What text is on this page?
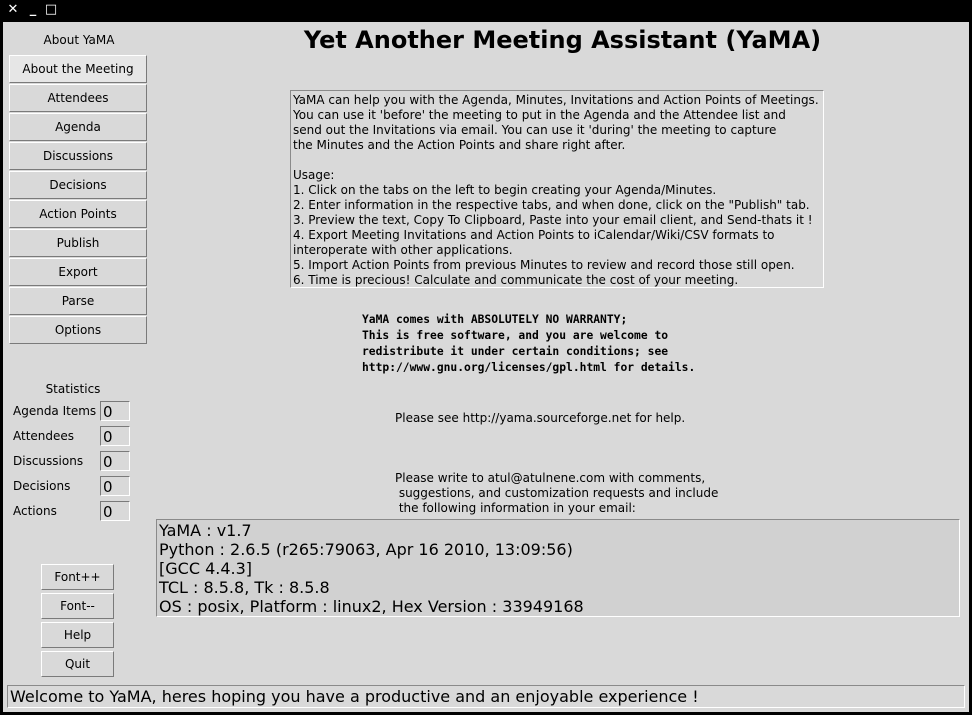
✕ _ □
About YaMA
About the Meeting
Attendees
Agenda
Discussions
Decisions
Action Points
Publish
Export
Parse
Options
Statistics
Agenda Items 0
Attendees 0
Discussions 0
Decisions 0
Actions	0
Font++
Font--
Help
Quit
Yet Another Meeting Assistant (YaMA)
YaMA can help you with the Agenda, Minutes, Invitations and Action Points of Meetings.
You can use it 'before' the meeting to put in the Agenda and the Attendee list and
send out the Invitations via email. You can use it 'during' the meeting to capture
the Minutes and the Action Points and share right after.

Usage:
1. Click on the tabs on the left to begin creating your Agenda/Minutes.
2. Enter information in the respective tabs, and when done, click on the "Publish" tab.
3. Preview the text, Copy To Clipboard, Paste into your email client, and Send-thats it !
4. Export Meeting Invitations and Action Points to iCalendar/Wiki/CSV formats to
interoperate with other applications.
5. Import Action Points from previous Minutes to review and record those still open.
6. Time is precious! Calculate and communicate the cost of your meeting.
YaMA comes with ABSOLUTELY NO WARRANTY;
This is free software, and you are welcome to
redistribute it under certain conditions; see
http://www.gnu.org/licenses/gpl.html for details.
Please see http://yama.sourceforge.net for help.
Please write to atul@atulnene.com with comments,
suggestions, and customization requests and include
the following information in your email:
YaMA : v1.7
Python : 2.6.5 (r265:79063, Apr 16 2010, 13:09:56)
[GCC 4.4.3]
TCL : 8.5.8, Tk : 8.5.8
OS : posix, Platform : linux2, Hex Version : 33949168
Welcome to YaMA, heres hoping you have a productive and an enjoyable experience !
